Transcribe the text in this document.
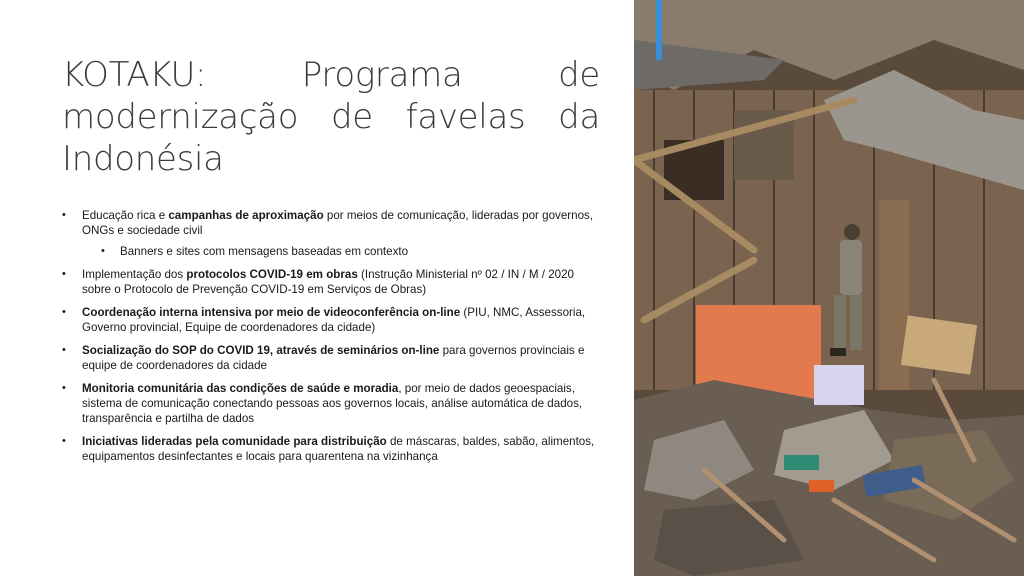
KOTAKU: Programa de modernização de favelas da Indonésia
• Educação rica e campanhas de aproximação por meios de comunicação, lideradas por governos, ONGs e sociedade civil
• Banners e sites com mensagens baseadas em contexto
• Implementação dos protocolos COVID-19 em obras (Instrução Ministerial nº 02 / IN / M / 2020 sobre o Protocolo de Prevenção COVID-19 em Serviços de Obras)
• Coordenação interna intensiva por meio de videoconferência on-line (PIU, NMC, Assessoria, Governo provincial, Equipe de coordenadores da cidade)
• Socialização do SOP do COVID 19, através de seminários on-line para governos provinciais e equipe de coordenadores da cidade
• Monitoria comunitária das condições de saúde e moradia, por meio de dados geoespaciais, sistema de comunicação conectando pessoas aos governos locais, análise automática de dados, transparência e partilha de dados
• Iniciativas lideradas pela comunidade para distribuição de máscaras, baldes, sabão, alimentos, equipamentos desinfectantes e locais para quarentena na vizinhança
